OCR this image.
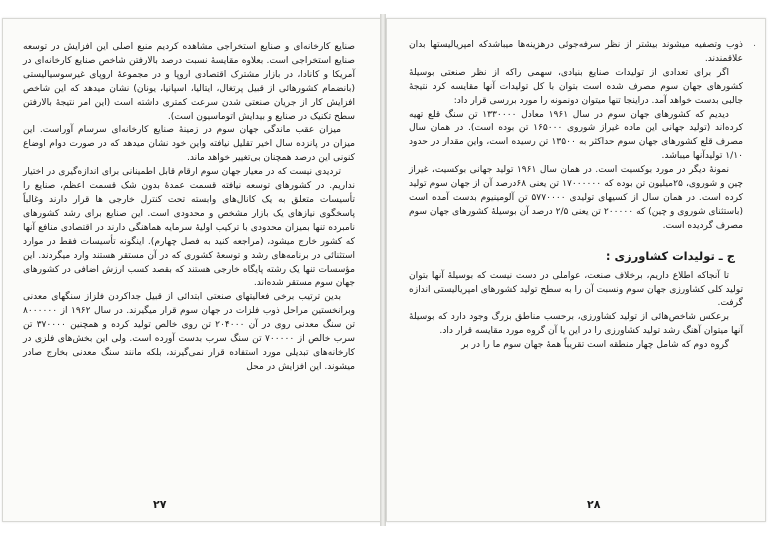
صنایع کارخانه‌ای و صنایع استخراجی مشاهده کردیم منبع اصلی این افزایش در توسعه صنایع استخراجی است. بعلاوه مقایسهٔ نسبت درصد بالارفتن شاخص صنایع کارخانه‌ای در آمریکا و کانادا، در بازار مشترک اقتصادی اروپا و در مجموعهٔ اروپای غیرسوسیالیستی (بانضمام کشورهائی از قبیل پرتغال، ایتالیا، اسپانیا، یونان) نشان میدهد که این شاخص افزایش کار از جریان صنعتی شدن سرعت کمتری داشته است (این امر نتیجهٔ بالارفتن سطح تکنیک در صنایع و بیدایش اتوماسیون است).

میزان عقب ماندگی جهان سوم در زمینهٔ صنایع کارخانه‌ای سرسام آوراست. این میزان در پانزده سال اخیر تقلیل نیافته واین خود نشان میدهد که در صورت دوام اوضاع کنونی این درصد همچنان بی‌تغییر خواهد ماند.

تردیدی نیست که در معیار جهان سوم ارقام قابل اطمینانی برای اندازه‌گیری در اختیار نداریم. در کشورهای توسعه نیافته قسمت عمدهٔ بدون شک قسمت اعظم، صنایع را تأسیسات متعلق به یک کانال‌های وابسته تحت کنترل خارجی ها قرار دارند وغالباً پاسخگوی نیازهای یک بازار مشخص و محدودی است. این صنایع برای رشد کشورهای نامبرده تنها بمیزان محدودی با ترکیب اولیهٔ سرمایه هماهنگی دارند در اقتصادی منافع آنها که کشور خارج میشود، (مراجعه کنید به فصل چهارم). اینگونه تأسیسات فقط در موارد استثنائی در برنامه‌های رشد و توسعهٔ کشوری که در آن مستقر هستند وارد میگردند. این مؤسسات تنها یک رشته پایگاه خارجی هستند که بقصد کسب ارزش اضافی در کشورهای جهان سوم مستقر شده‌اند.

بدین ترتیب برخی فعالیتهای صنعتی ابتدائی از قبیل جداکردن فلزاز سنگهای معدنی وبرانخستین مراحل ذوب فلزات در جهان سوم قرار میگیرند. در سال ۱۹۶۲ از ۸۰۰۰۰۰۰ تن سنگ معدنی روی در آن ۲۰۴۰۰۰ تن روی خالص تولید کرده و همچنین ۳۷۰۰۰۰ تن سرب خالص از ۷۰۰۰۰۰ تن سنگ سرب بدست آورده است. ولی این بخش‌های فلزی در کارخانه‌های تبدیلی مورد استفاده قرار نمی‌گیرند، بلکه مانند سنگ معدنی بخارج صادر میشوند. این افزایش در محل

۲۷
۰

ذوب وتصفیه میشوند بیشتر از نظر سرفه‌جوئی درهزینه‌ها میباشدکه امپریالیستها بدان علاقمندند.

اگر برای تعدادی از تولیدات صنایع بنیادی، سهمی راکه از نظر صنعتی بوسیلهٔ کشورهای جهان سوم مصرف شده است بتوان با کل تولیدات آنها مقایسه کرد نتیجهٔ جالبی بدست خواهد آمد. دراینجا تنها میتوان دونمونه را مورد بررسی قرار داد:

دیدیم که کشورهای جهان سوم در سال ۱۹۶۱ معادل ۱۳۳۰۰۰۰ تن سنگ قلع تهیه کرده‌اند (تولید جهانی این ماده غیراز شوروی ۱۶۵۰۰۰ تن بوده است). در همان سال مصرف قلع کشورهای جهان سوم حداکثر به ۱۳۵۰۰ تن رسیده است، واین مقدار در حدود ۱/۱۰ تولیدآنها میباشد.

نمونهٔ دیگر در مورد بوکسیت است. در همان سال ۱۹۶۱ تولید جهانی بوکسیت، غیراز چین و شوروی، ۲۵میلیون تن بوده که ۱۷۰۰۰۰۰۰ تن یعنی ۶۸درصد آن از جهان سوم تولید کرده است. در همان سال از کسیهای تولیدی ۵۷۷۰۰۰۰ تن آلومینیوم بدست آمده است (باستثنای شوروی و چین) که ۲۰۰۰۰۰ تن یعنی ۲/۵ درصد آن بوسیلهٔ کشورهای جهان سوم مصرف گردیده است.

ج ـ تولیدات کشاورزی :

تا آنجاکه اطلاع داریم، برخلاف صنعت، عواملی در دست نیست که بوسیلهٔ آنها بتوان تولید کلی کشاورزی جهان سوم ونسبت آن را به سطح تولید کشورهای امپریالیستی اندازه گرفت.

برعکس شاخص‌هائی از تولید کشاورزی، برحسب مناطق بزرگ وجود دارد که بوسیلهٔ آنها میتوان آهنگ رشد تولید کشاورزی را در این یا آن گروه مورد مقایسه قرار داد.

گروه دوم که شامل چهار منطقه است تقریباً همهٔ جهان سوم ما را در بر

۲۸
